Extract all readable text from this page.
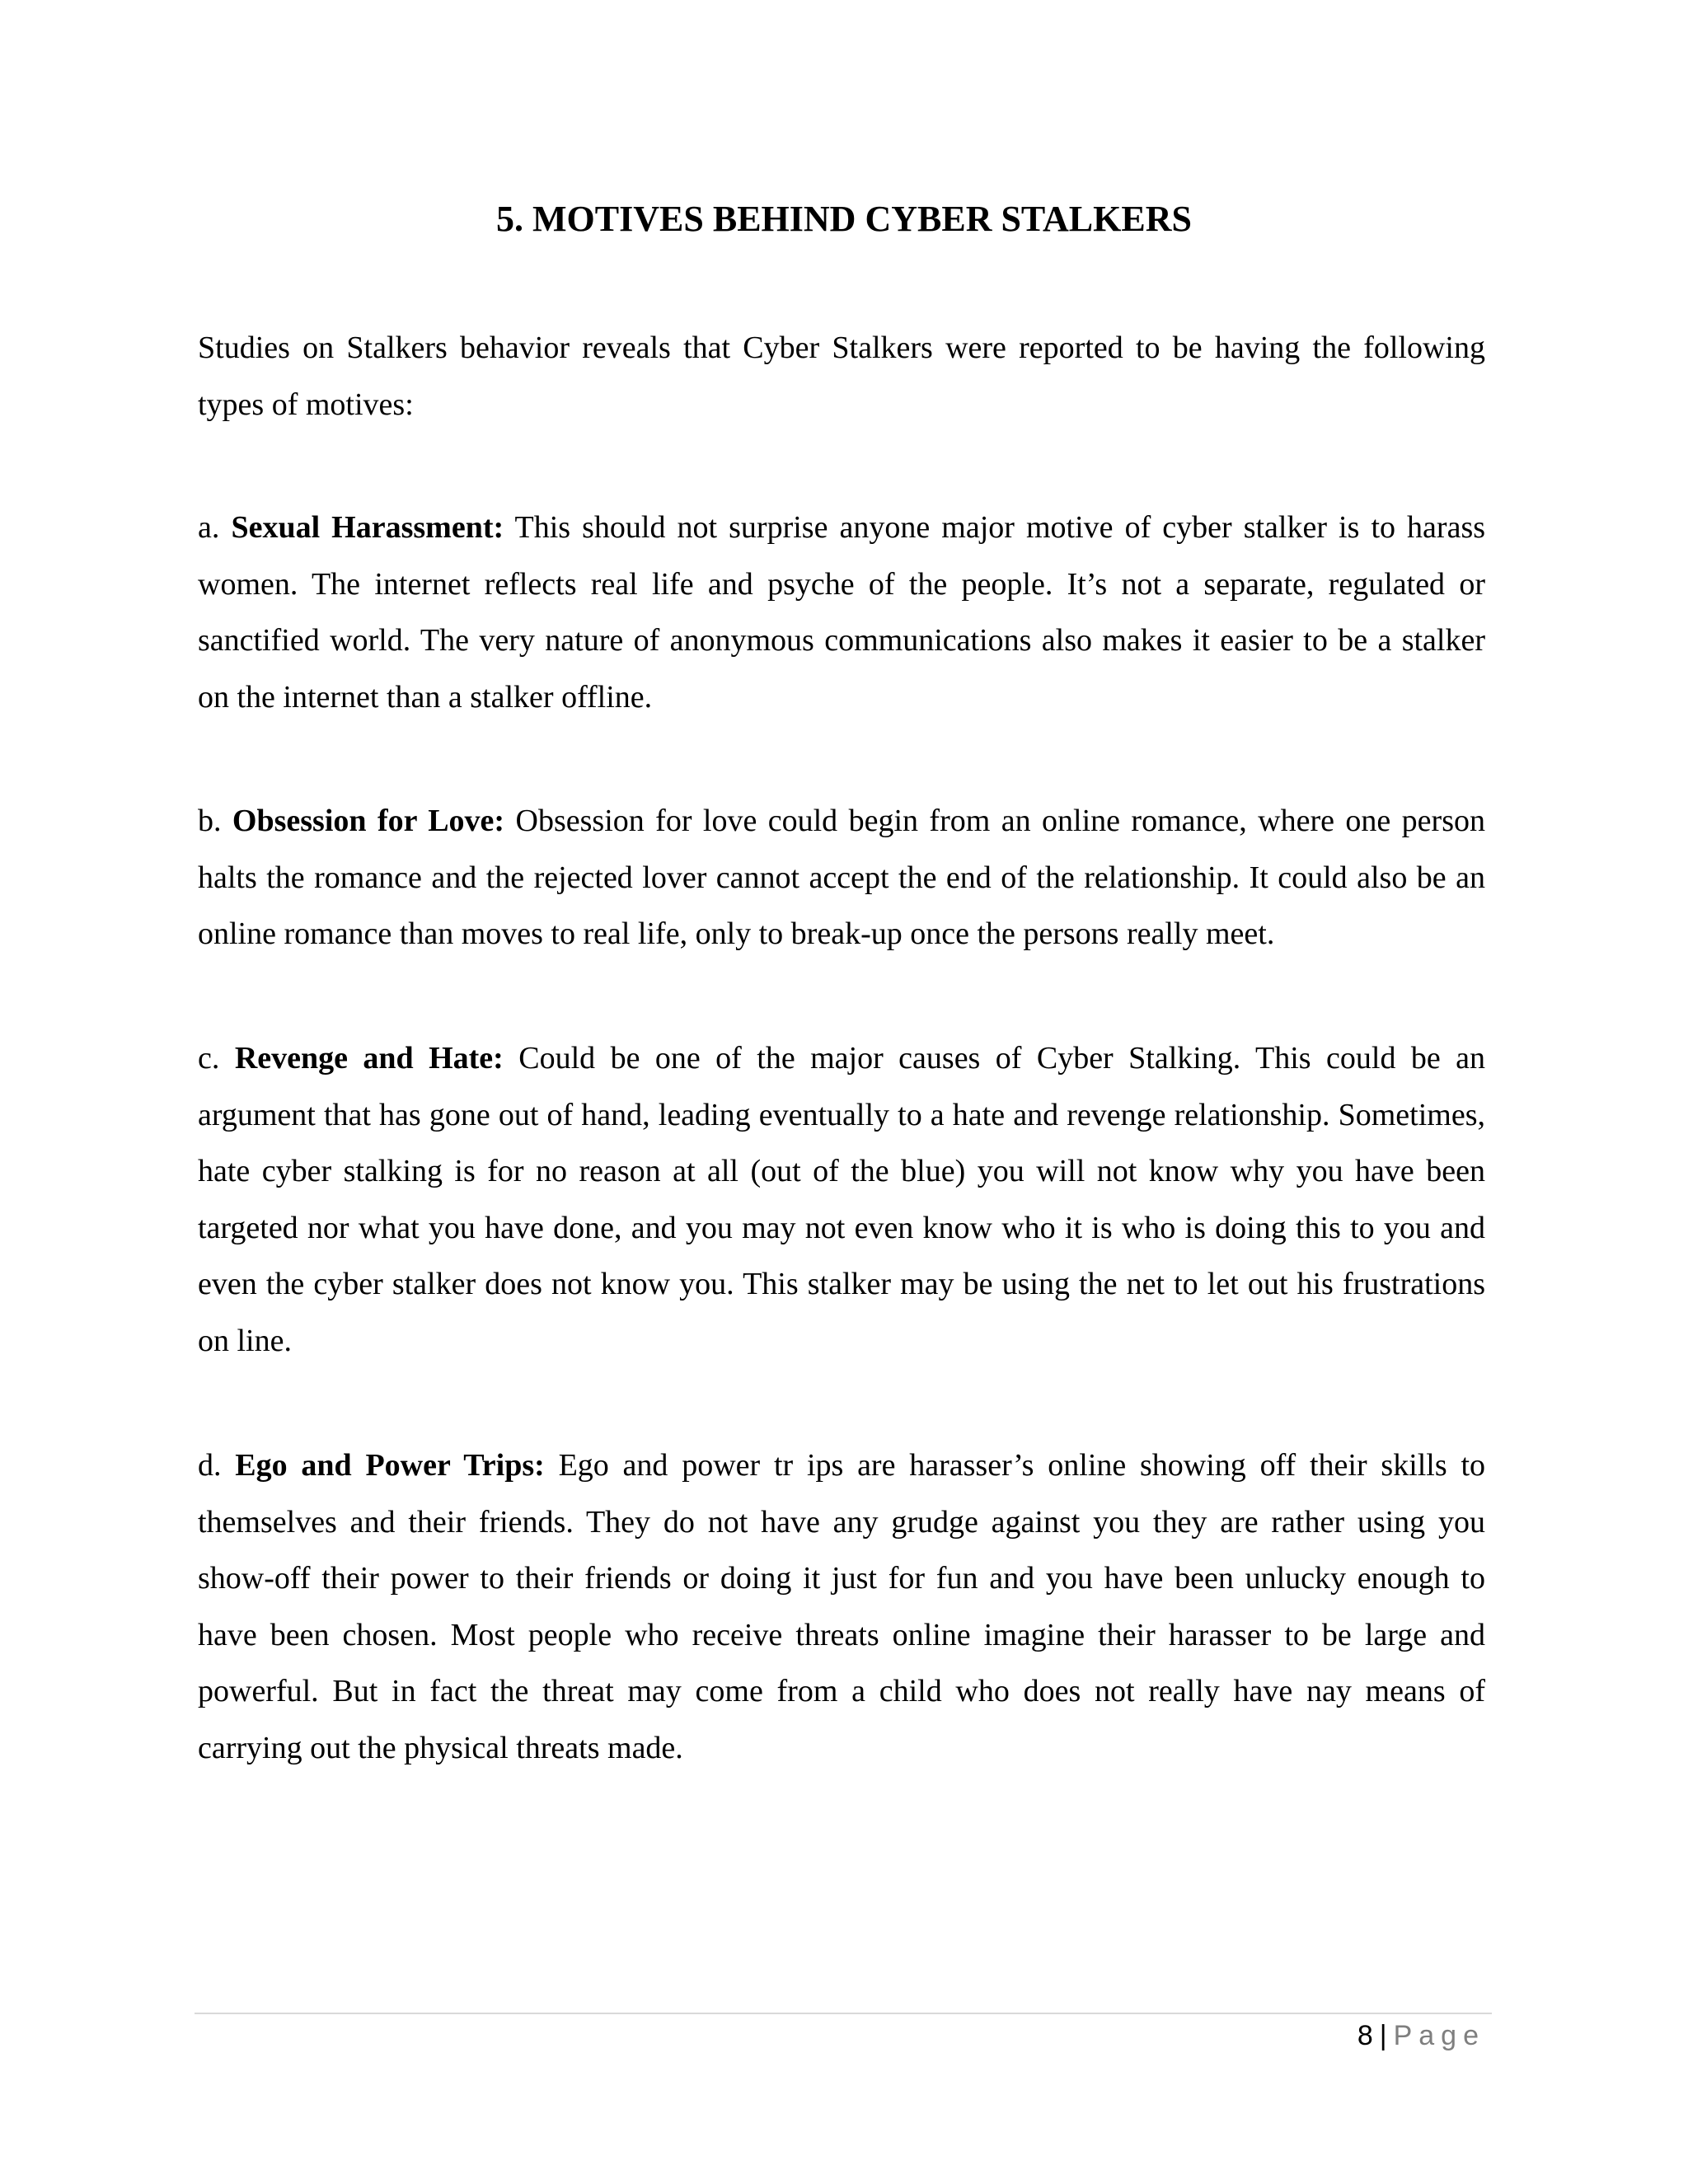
5. MOTIVES BEHIND CYBER STALKERS

Studies on Stalkers behavior reveals that Cyber Stalkers were reported to be having the following types of motives:

a. Sexual Harassment: This should not surprise anyone major motive of cyber stalker is to harass women. The internet reflects real life and psyche of the people. It’s not a separate, regulated or sanctified world. The very nature of anonymous communications also makes it easier to be a stalker on the internet than a stalker offline.

b. Obsession for Love: Obsession for love could begin from an online romance, where one person halts the romance and the rejected lover cannot accept the end of the relationship. It could also be an online romance than moves to real life, only to break-up once the persons really meet.

c. Revenge and Hate: Could be one of the major causes of Cyber Stalking. This could be an argument that has gone out of hand, leading eventually to a hate and revenge relationship. Sometimes, hate cyber stalking is for no reason at all (out of the blue) you will not know why you have been targeted nor what you have done, and you may not even know who it is who is doing this to you and even the cyber stalker does not know you. This stalker may be using the net to let out his frustrations on line.

d. Ego and Power Trips: Ego and power tr ips are harasser’s online showing off their skills to themselves and their friends. They do not have any grudge against you they are rather using you show-off their power to their friends or doing it just for fun and you have been unlucky enough to have been chosen. Most people who receive threats online imagine their harasser to be large and powerful. But in fact the threat may come from a child who does not really have nay means of carrying out the physical threats made.

8 | Page
